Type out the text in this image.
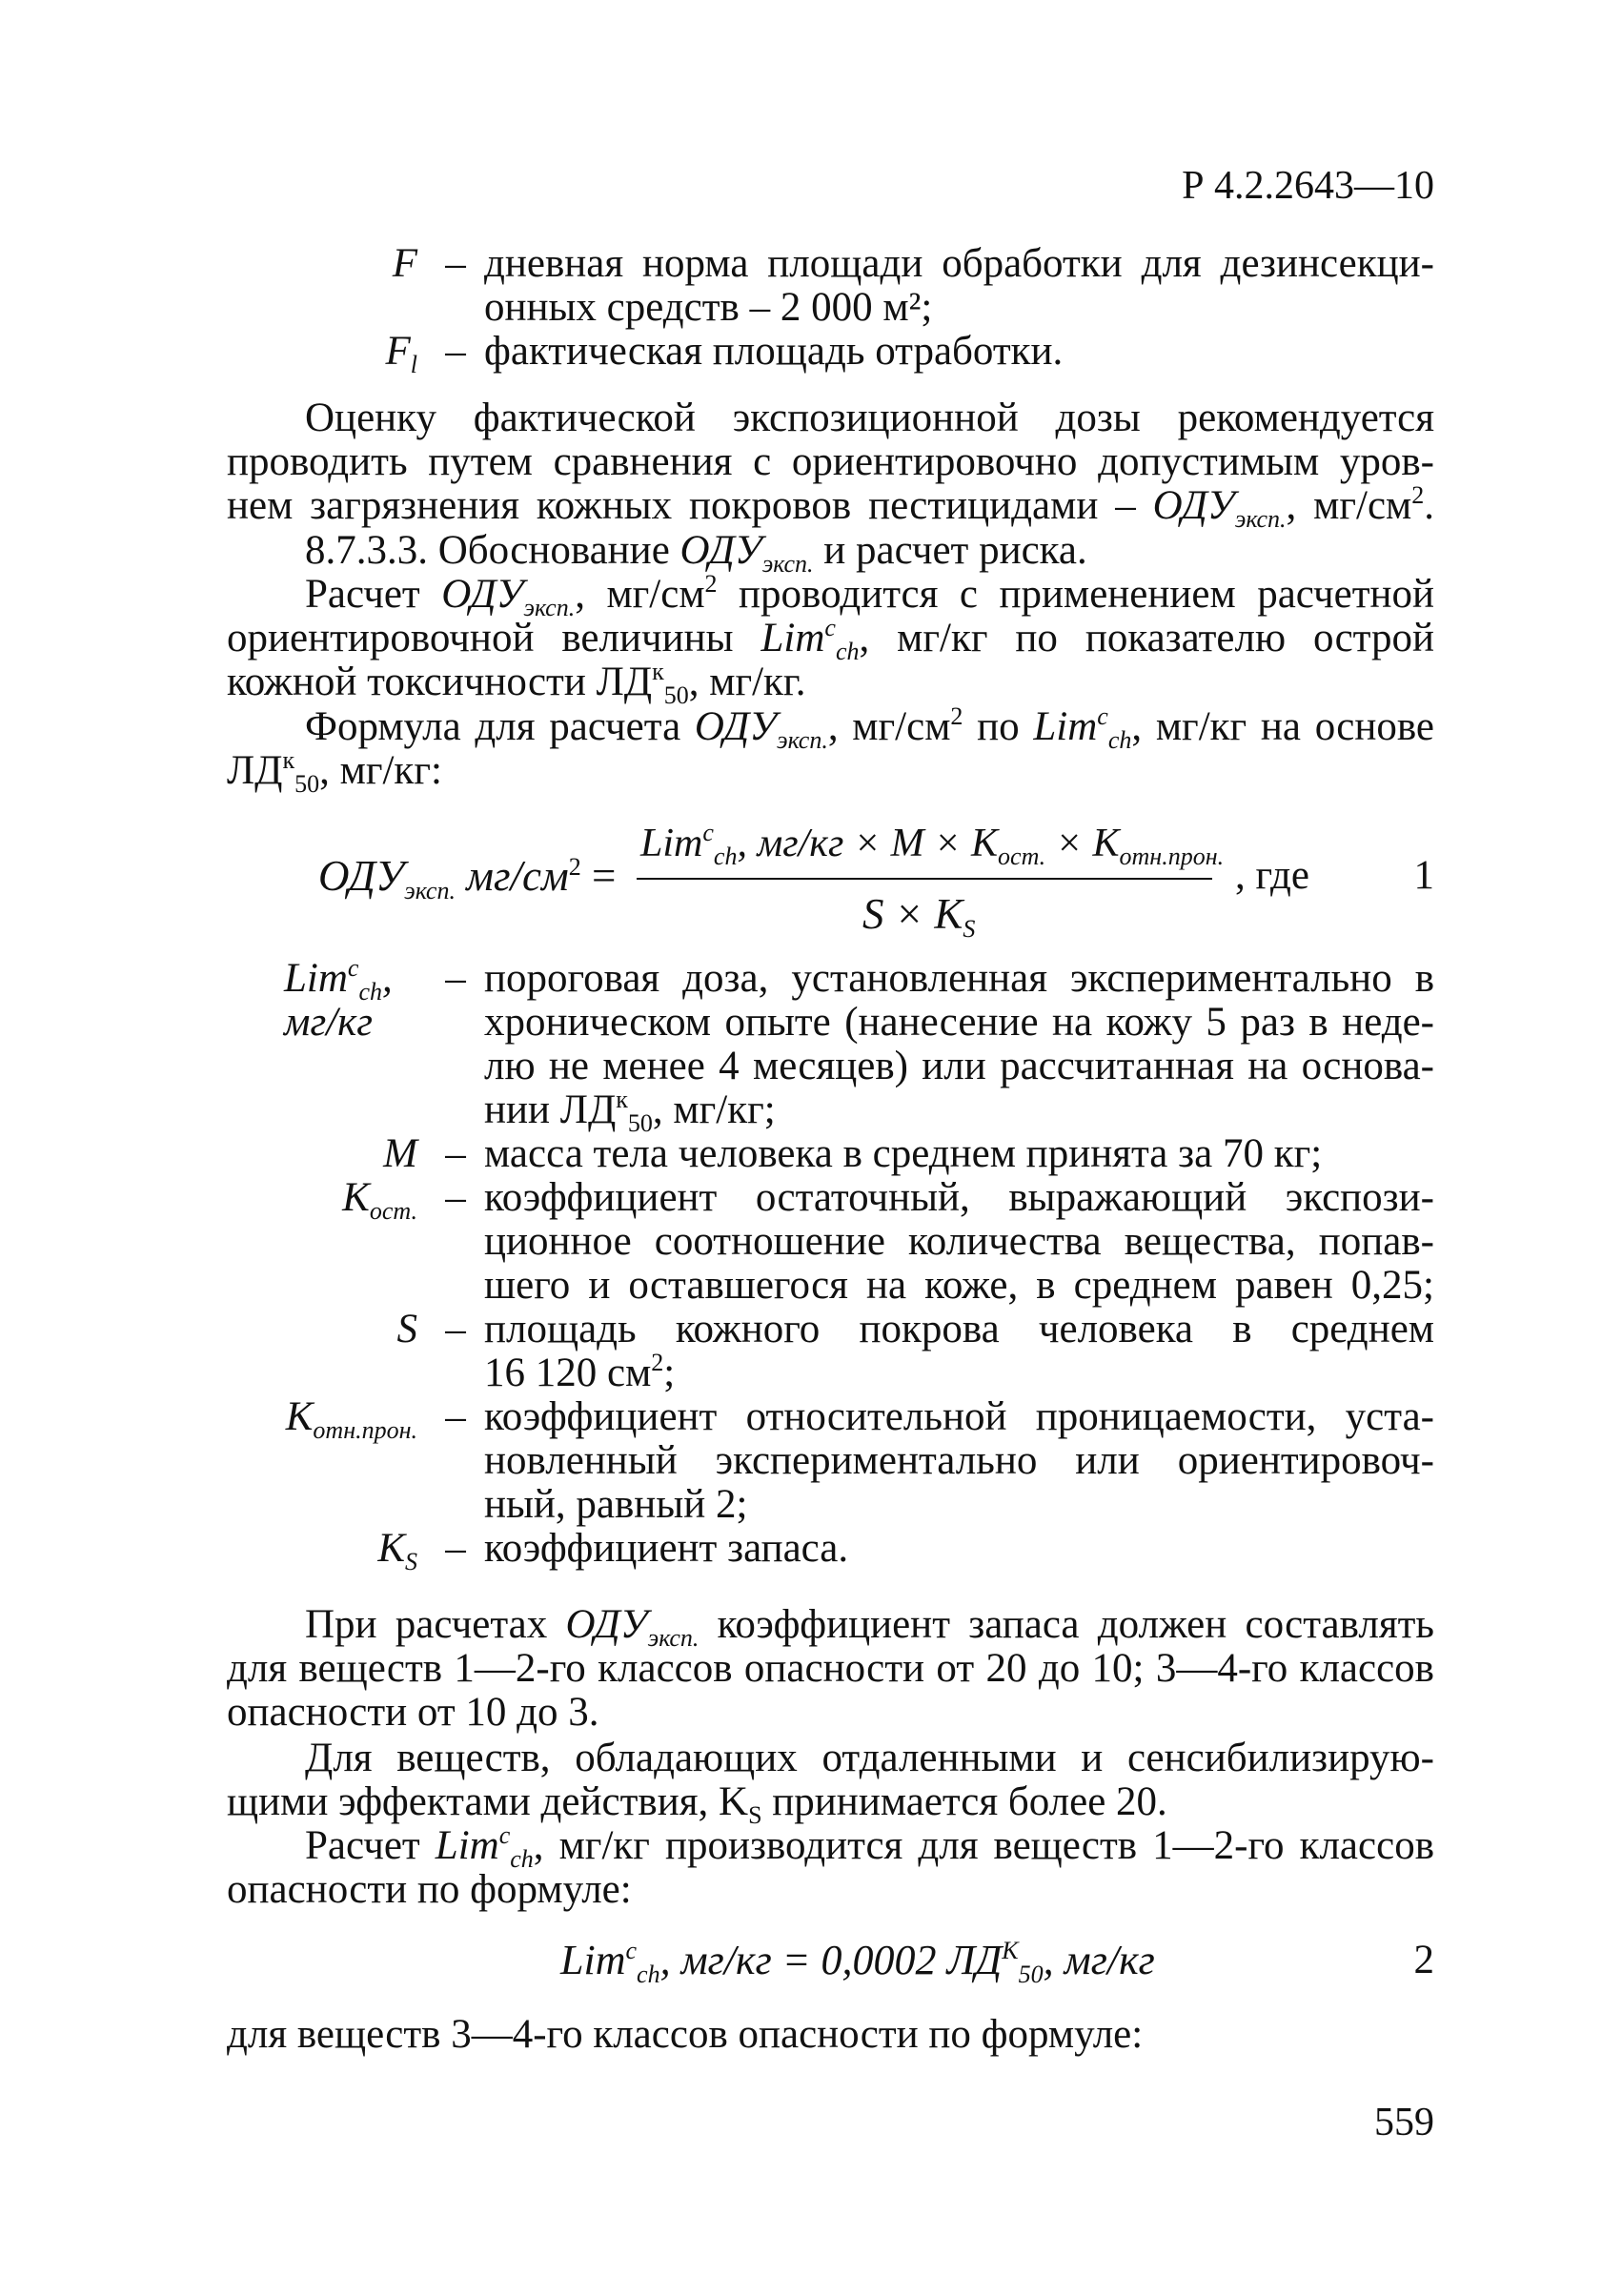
Р 4.2.2643—10
F – дневная норма площади обработки для дезинсекци-
онных средств – 2 000 м²;
$F_l$ – фактическая площадь отработки.
Оценку фактической экспозиционной дозы рекомендуется
проводить путем сравнения с ориентировочно допустимым уров-
нем загрязнения кожных покровов пестицидами – $ОДУ_{эксп.}$, $мг/см^2$.
8.7.3.3. Обоснование $ОДУ_{эксп.}$ и расчет риска.
Расчет $ОДУ_{эксп.}$, $мг/см^2$ проводится с применением расчетной
ориентировочной величины Lim$^c_{ch}$, мг/кг по показателю острой
кожной токсичности $ЛД^к_{50}$, мг/кг.
Формула для расчета $ОДУ_{эксп.}$, $мг/см^2$ по Lim$^c_{ch}$, мг/кг на основе
$ЛД^к_{50}$, мг/кг:
$ОДУ_{эксп.}$ $мг/см^2$ =
Lim$^c_{ch}$, $мг/кг \times M \times K_{ост.} \times K_{отн.прон.}$
$S \times K_S$
, где	1
Lim$^c_{ch}$,
мг/кг
– пороговая доза, установленная экспериментально в
хроническом опыте (нанесение на кожу 5 раз в неде-
лю не менее 4 месяцев) или рассчитанная на основа-
нии $ЛД^к_{50}$, мг/кг;
M – масса тела человека в среднем принята за 70 кг;
$K_{ост.}$ – коэффициент остаточный, выражающий экспози-
ционное соотношение количества вещества, попав-
шего и оставшегося на коже, в среднем равен 0,25;
S – площадь кожного покрова человека в среднем
16 120 $см^2$;
$K_{отн.прон.}$ – коэффициент относительной проницаемости, уста-
новленный экспериментально или ориентировоч-
ный, равный 2;
$K_S$ – коэффициент запаса.
При расчетах $ОДУ_{эксп.}$ коэффициент запаса должен составлять
для веществ 1—2-го классов опасности от 20 до 10; 3—4-го классов
опасности от 10 до 3.
Для веществ, обладающих отдаленными и сенсибилизирую-
щими эффектами действия, $K_S$ принимается более 20.
Расчет Lim$^c_{ch}$, мг/кг производится для веществ 1—2-го классов
опасности по формуле:
Lim$^c_{ch}$, мг/кг = 0,0002 $ЛД^K_{50}$, мг/кг	2
для веществ 3—4-го классов опасности по формуле:
559
